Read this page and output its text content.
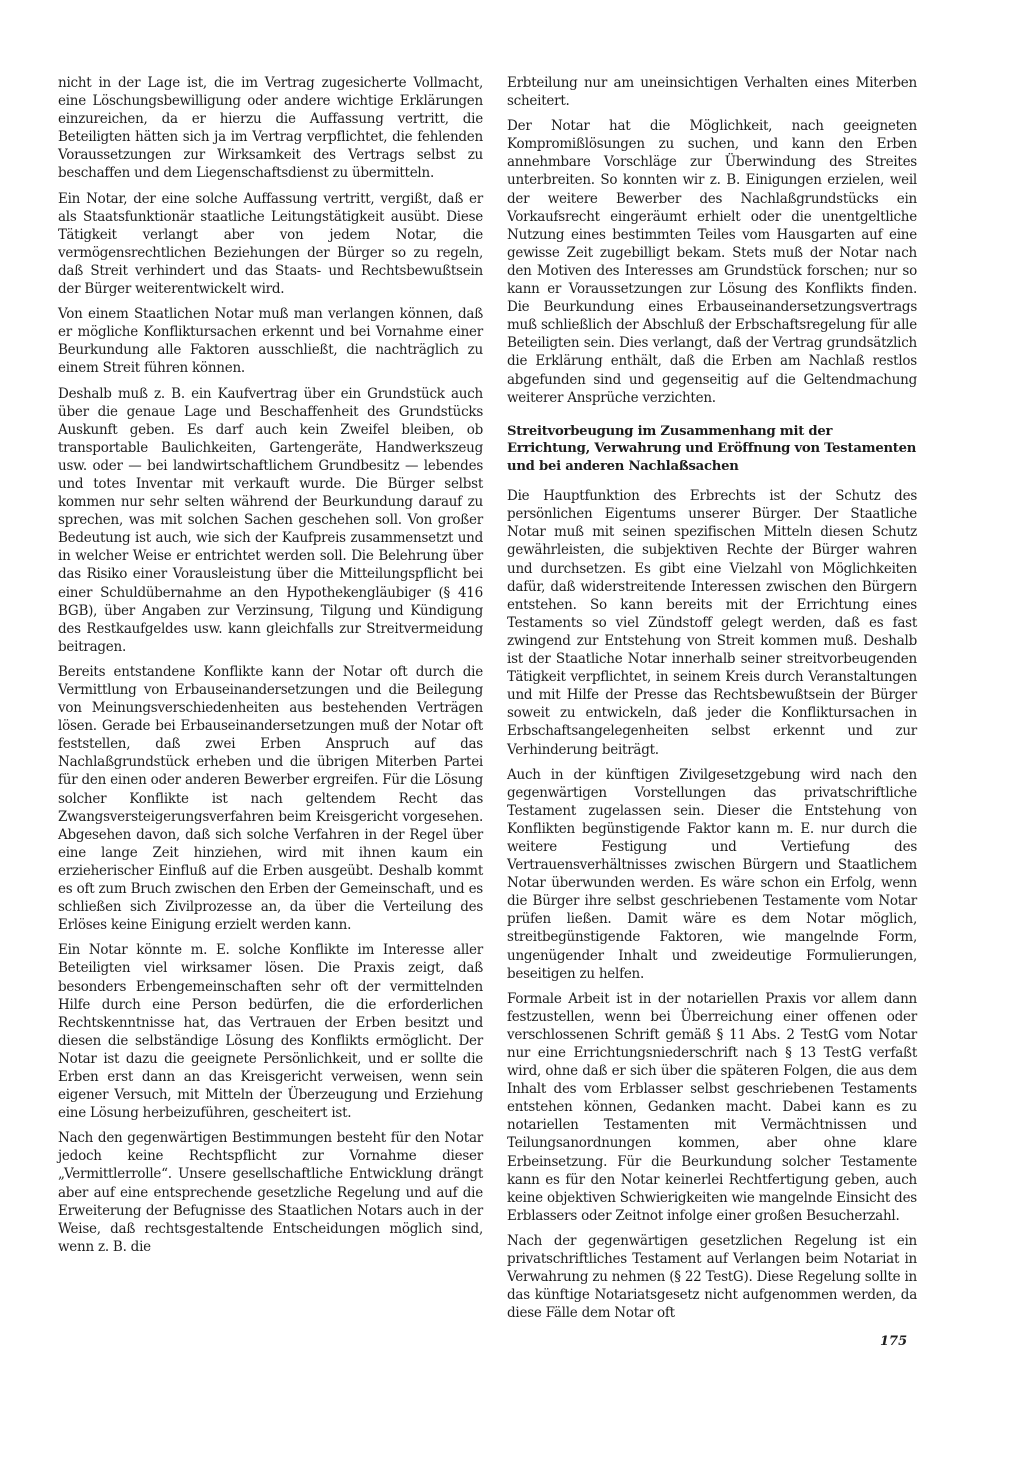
nicht in der Lage ist, die im Vertrag zugesicherte Vollmacht, eine Löschungsbewilligung oder andere wichtige Erklärungen einzureichen, da er hierzu die Auffassung vertritt, die Beteiligten hätten sich ja im Vertrag verpflichtet, die fehlenden Voraussetzungen zur Wirksamkeit des Vertrags selbst zu beschaffen und dem Liegenschaftsdienst zu übermitteln.

Ein Notar, der eine solche Auffassung vertritt, vergißt, daß er als Staatsfunktionär staatliche Leitungstätigkeit ausübt. Diese Tätigkeit verlangt aber von jedem Notar, die vermögensrechtlichen Beziehungen der Bürger so zu regeln, daß Streit verhindert und das Staats- und Rechtsbewußtsein der Bürger weiterentwickelt wird.

Von einem Staatlichen Notar muß man verlangen können, daß er mögliche Konfliktursachen erkennt und bei Vornahme einer Beurkundung alle Faktoren ausschließt, die nachträglich zu einem Streit führen können.

Deshalb muß z. B. ein Kaufvertrag über ein Grundstück auch über die genaue Lage und Beschaffenheit des Grundstücks Auskunft geben. Es darf auch kein Zweifel bleiben, ob transportable Baulichkeiten, Gartengeräte, Handwerkszeug usw. oder — bei landwirtschaftlichem Grundbesitz — lebendes und totes Inventar mit verkauft wurde. Die Bürger selbst kommen nur sehr selten während der Beurkundung darauf zu sprechen, was mit solchen Sachen geschehen soll. Von großer Bedeutung ist auch, wie sich der Kaufpreis zusammensetzt und in welcher Weise er entrichtet werden soll. Die Belehrung über das Risiko einer Vorausleistung über die Mitteilungspflicht bei einer Schuldübernahme an den Hypothekengläubiger (§ 416 BGB), über Angaben zur Verzinsung, Tilgung und Kündigung des Restkaufgeldes usw. kann gleichfalls zur Streitvermeidung beitragen.

Bereits entstandene Konflikte kann der Notar oft durch die Vermittlung von Erbauseinandersetzungen und die Beilegung von Meinungsverschiedenheiten aus bestehenden Verträgen lösen. Gerade bei Erbauseinandersetzungen muß der Notar oft feststellen, daß zwei Erben Anspruch auf das Nachlaßgrundstück erheben und die übrigen Miterben Partei für den einen oder anderen Bewerber ergreifen. Für die Lösung solcher Konflikte ist nach geltendem Recht das Zwangsversteigerungsverfahren beim Kreisgericht vorgesehen. Abgesehen davon, daß sich solche Verfahren in der Regel über eine lange Zeit hinziehen, wird mit ihnen kaum ein erzieherischer Einfluß auf die Erben ausgeübt. Deshalb kommt es oft zum Bruch zwischen den Erben der Gemeinschaft, und es schließen sich Zivilprozesse an, da über die Verteilung des Erlöses keine Einigung erzielt werden kann.

Ein Notar könnte m. E. solche Konflikte im Interesse aller Beteiligten viel wirksamer lösen. Die Praxis zeigt, daß besonders Erbengemeinschaften sehr oft der vermittelnden Hilfe durch eine Person bedürfen, die die erforderlichen Rechtskenntnisse hat, das Vertrauen der Erben besitzt und diesen die selbständige Lösung des Konflikts ermöglicht. Der Notar ist dazu die geeignete Persönlichkeit, und er sollte die Erben erst dann an das Kreisgericht verweisen, wenn sein eigener Versuch, mit Mitteln der Überzeugung und Erziehung eine Lösung herbeizuführen, gescheitert ist.

Nach den gegenwärtigen Bestimmungen besteht für den Notar jedoch keine Rechtspflicht zur Vornahme dieser „Vermittlerrolle“. Unsere gesellschaftliche Entwicklung drängt aber auf eine entsprechende gesetzliche Regelung und auf die Erweiterung der Befugnisse des Staatlichen Notars auch in der Weise, daß rechtsgestaltende Entscheidungen möglich sind, wenn z. B. die

Erbteilung nur am uneinsichtigen Verhalten eines Miterben scheitert.

Der Notar hat die Möglichkeit, nach geeigneten Kompromißlösungen zu suchen, und kann den Erben annehmbare Vorschläge zur Überwindung des Streites unterbreiten. So konnten wir z. B. Einigungen erzielen, weil der weitere Bewerber des Nachlaßgrundstücks ein Vorkaufsrecht eingeräumt erhielt oder die unentgeltliche Nutzung eines bestimmten Teiles vom Hausgarten auf eine gewisse Zeit zugebilligt bekam. Stets muß der Notar nach den Motiven des Interesses am Grundstück forschen; nur so kann er Voraussetzungen zur Lösung des Konflikts finden. Die Beurkundung eines Erbauseinandersetzungsvertrags muß schließlich der Abschluß der Erbschaftsregelung für alle Beteiligten sein. Dies verlangt, daß der Vertrag grundsätzlich die Erklärung enthält, daß die Erben am Nachlaß restlos abgefunden sind und gegenseitig auf die Geltendmachung weiterer Ansprüche verzichten.

Streitvorbeugung im Zusammenhang mit der Errichtung, Verwahrung und Eröffnung von Testamenten und bei anderen Nachlaßsachen

Die Hauptfunktion des Erbrechts ist der Schutz des persönlichen Eigentums unserer Bürger. Der Staatliche Notar muß mit seinen spezifischen Mitteln diesen Schutz gewährleisten, die subjektiven Rechte der Bürger wahren und durchsetzen. Es gibt eine Vielzahl von Möglichkeiten dafür, daß widerstreitende Interessen zwischen den Bürgern entstehen. So kann bereits mit der Errichtung eines Testaments so viel Zündstoff gelegt werden, daß es fast zwingend zur Entstehung von Streit kommen muß. Deshalb ist der Staatliche Notar innerhalb seiner streitvorbeugenden Tätigkeit verpflichtet, in seinem Kreis durch Veranstaltungen und mit Hilfe der Presse das Rechtsbewußtsein der Bürger soweit zu entwickeln, daß jeder die Konfliktursachen in Erbschaftsangelegenheiten selbst erkennt und zur Verhinderung beiträgt.

Auch in der künftigen Zivilgesetzgebung wird nach den gegenwärtigen Vorstellungen das privatschriftliche Testament zugelassen sein. Dieser die Entstehung von Konflikten begünstigende Faktor kann m. E. nur durch die weitere Festigung und Vertiefung des Vertrauensverhältnisses zwischen Bürgern und Staatlichem Notar überwunden werden. Es wäre schon ein Erfolg, wenn die Bürger ihre selbst geschriebenen Testamente vom Notar prüfen ließen. Damit wäre es dem Notar möglich, streitbegünstigende Faktoren, wie mangelnde Form, ungenügender Inhalt und zweideutige Formulierungen, beseitigen zu helfen.

Formale Arbeit ist in der notariellen Praxis vor allem dann festzustellen, wenn bei Überreichung einer offenen oder verschlossenen Schrift gemäß § 11 Abs. 2 TestG vom Notar nur eine Errichtungsniederschrift nach § 13 TestG verfaßt wird, ohne daß er sich über die späteren Folgen, die aus dem Inhalt des vom Erblasser selbst geschriebenen Testaments entstehen können, Gedanken macht. Dabei kann es zu notariellen Testamenten mit Vermächtnissen und Teilungsanordnungen kommen, aber ohne klare Erbeinsetzung. Für die Beurkundung solcher Testamente kann es für den Notar keinerlei Rechtfertigung geben, auch keine objektiven Schwierigkeiten wie mangelnde Einsicht des Erblassers oder Zeitnot infolge einer großen Besucherzahl.

Nach der gegenwärtigen gesetzlichen Regelung ist ein privatschriftliches Testament auf Verlangen beim Notariat in Verwahrung zu nehmen (§ 22 TestG). Diese Regelung sollte in das künftige Notariatsgesetz nicht aufgenommen werden, da diese Fälle dem Notar oft

175
